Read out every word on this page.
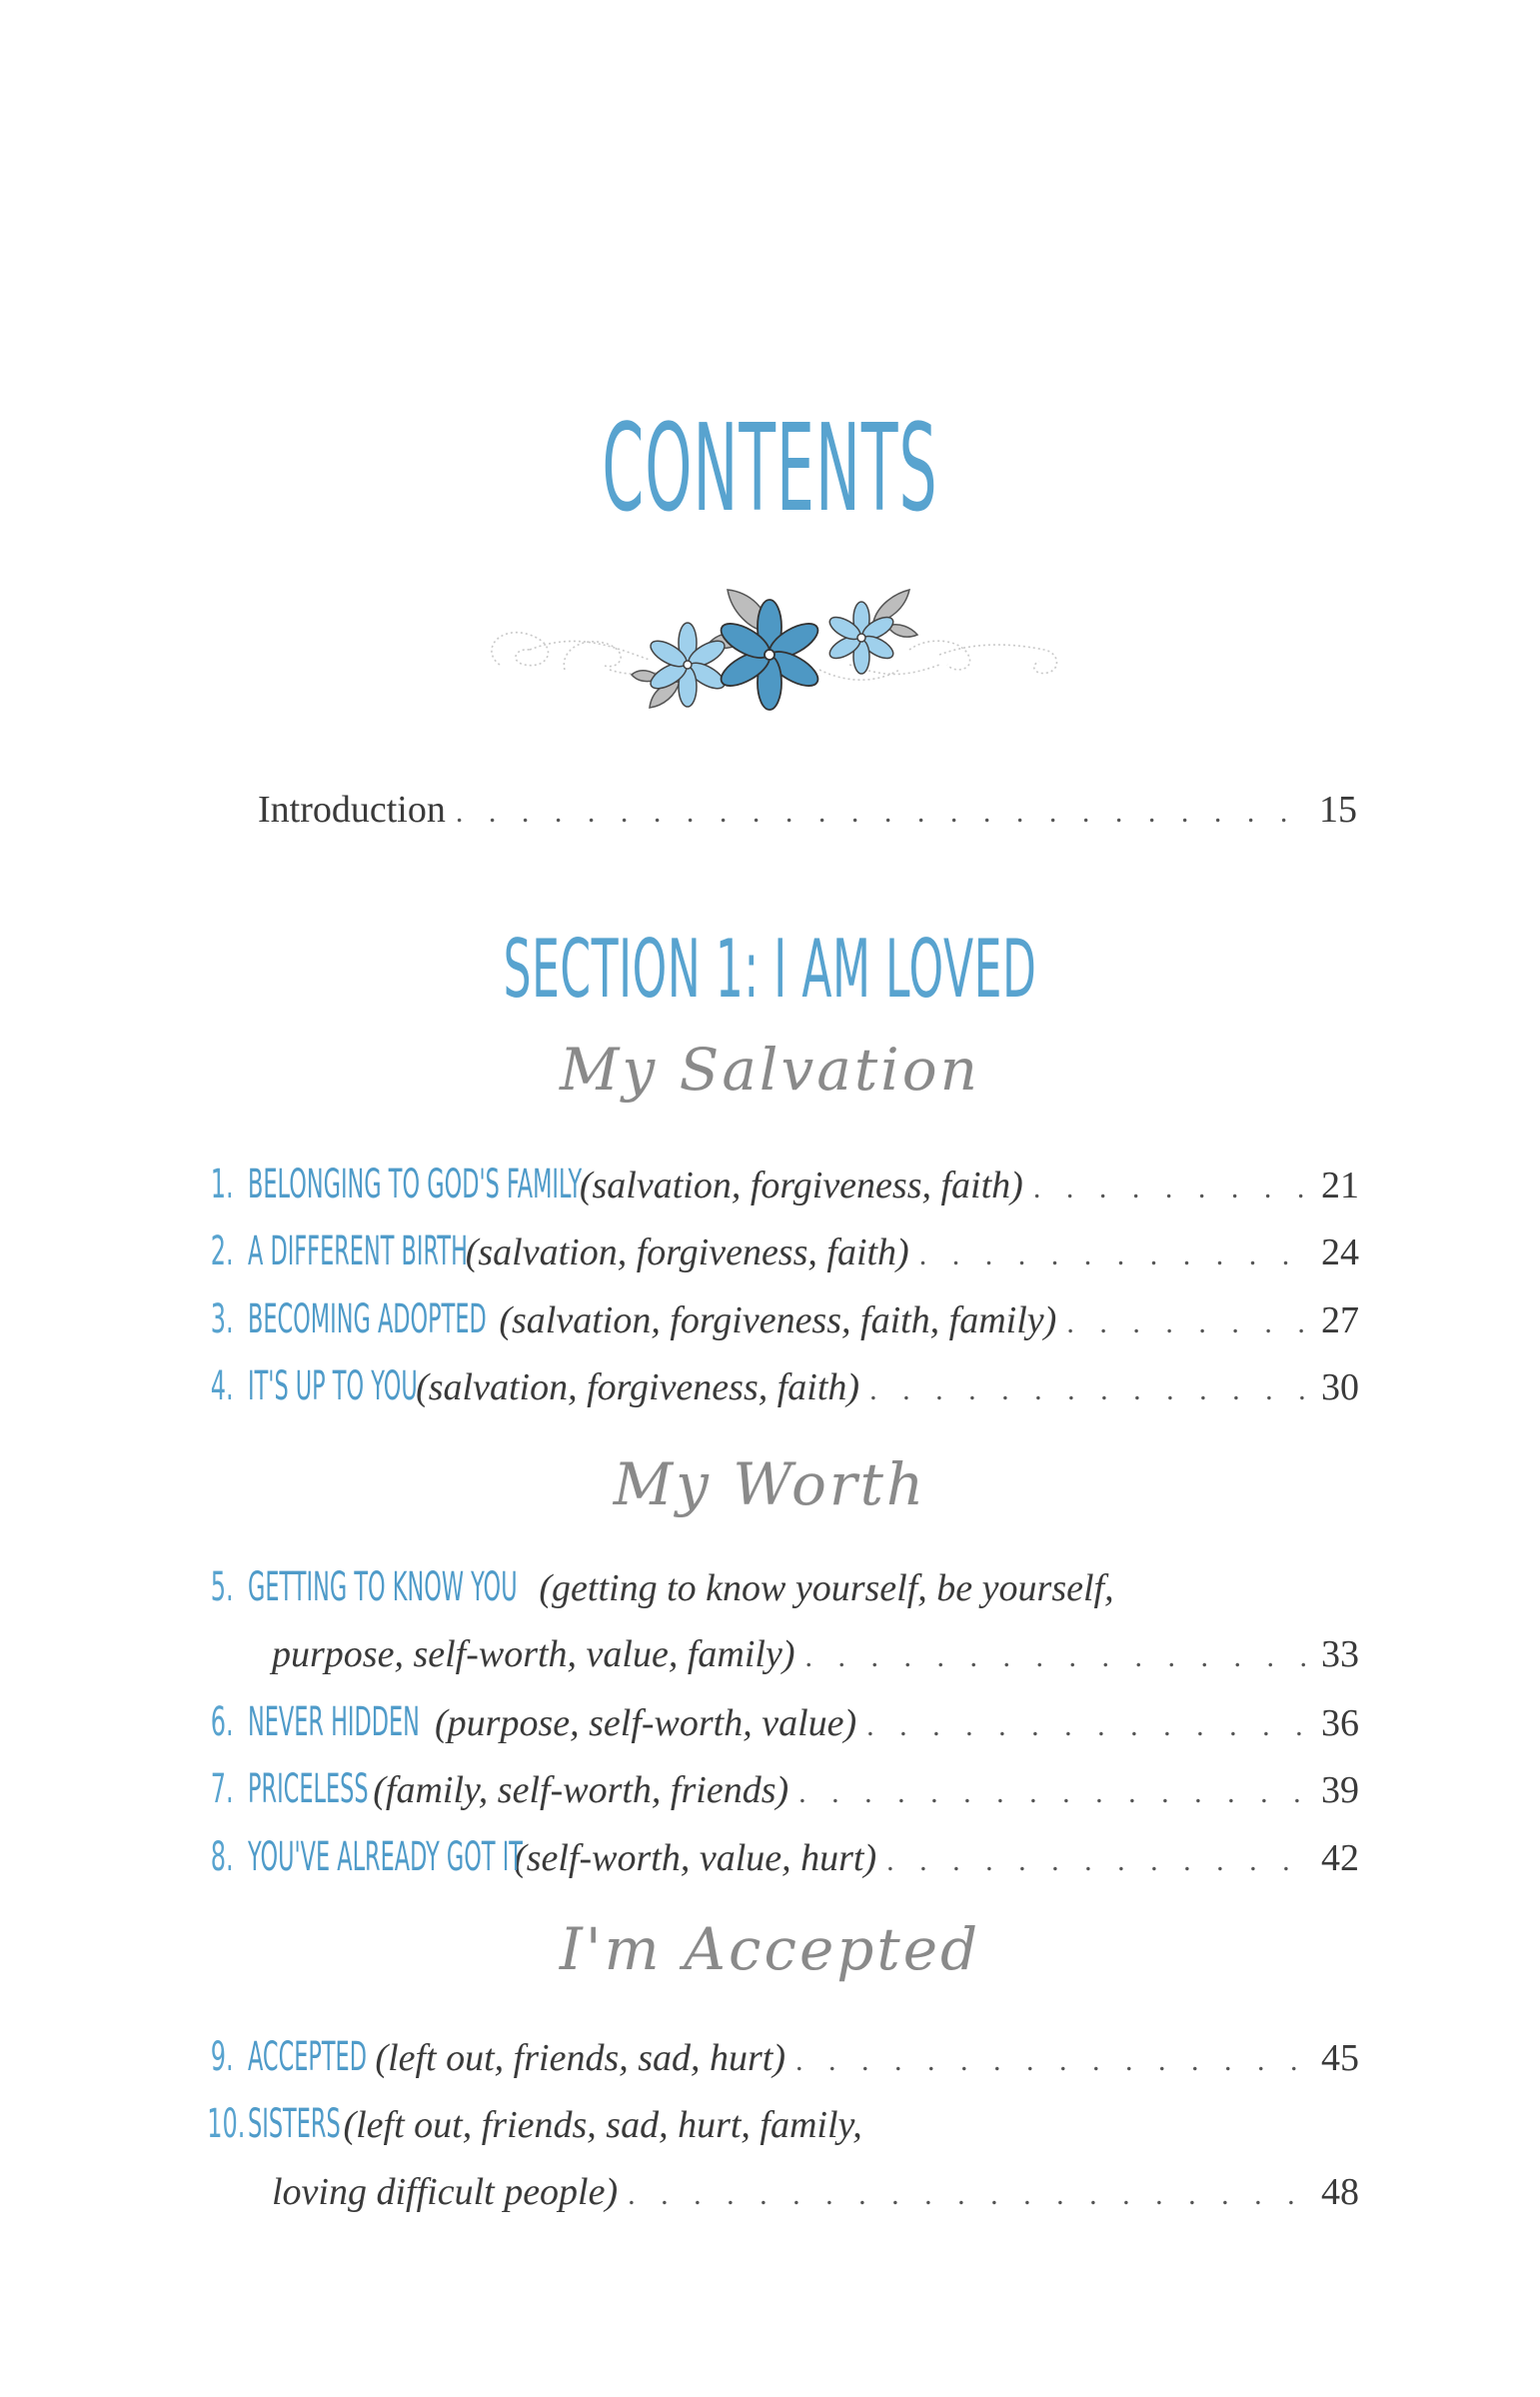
CONTENTS
Introduction . . .	15
SECTION 1: I AM LOVED
My Salvation
1. BELONGING TO GOD'S FAMILY
(salvation, forgiveness, faith) . . .	21
2. A DIFFERENT BIRTH
(salvation, forgiveness, faith) . . .	24
3. BECOMING ADOPTED (salvation, forgiveness, faith, family) . . .	27
4. IT'S UP TO YOU
(salvation, forgiveness, faith) . . .	30
My Worth
5. GETTING TO KNOW YOU (getting to know yourself, be yourself,
purpose, self-worth, value, family) . . .	33
6. NEVER HIDDEN (purpose, self-worth, value) . . .	36
7. PRICELESS (family, self-worth, friends) . . .	39
8. YOU'VE ALREADY GOT IT
(self-worth, value, hurt) . . .	42
I'm Accepted
9. ACCEPTED (left out, friends, sad, hurt) . . .	45
10. SISTERS (left out, friends, sad, hurt, family,
loving difficult people) . . .	48
